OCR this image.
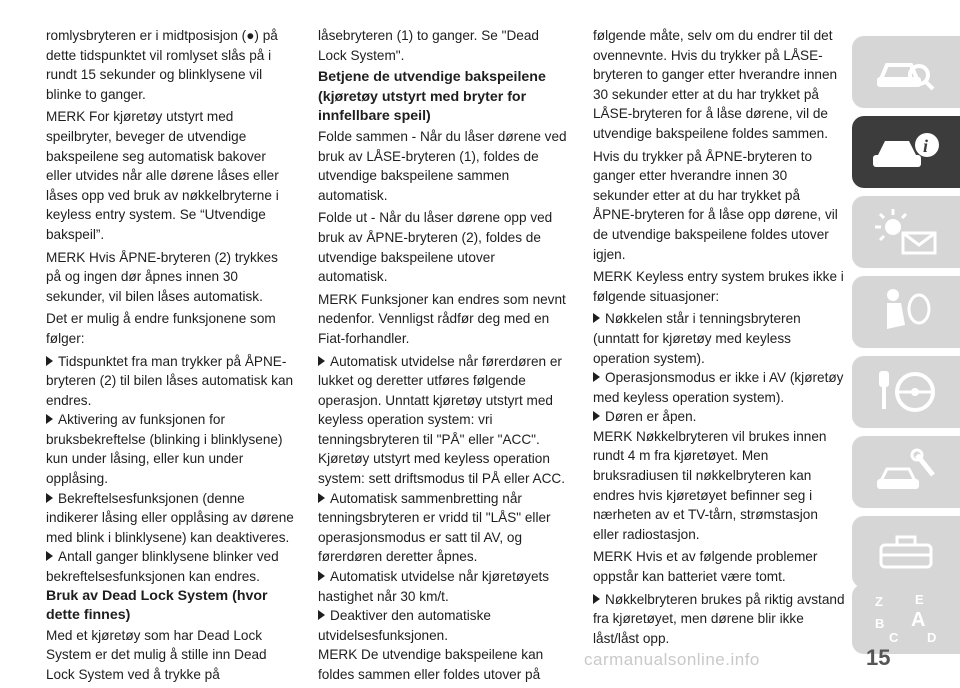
romlysbryteren er i midtposisjon (●) på dette tidspunktet vil romlyset slås på i rundt 15 sekunder og blinklysene vil blinke to ganger.
MERK For kjøretøy utstyrt med speilbryter, beveger de utvendige bakspeilene seg automatisk bakover eller utvides når alle dørene låses eller låses opp ved bruk av nøkkelbryterne i keyless entry system. Se “Utvendige bakspeil”.
MERK Hvis ÅPNE-bryteren (2) trykkes på og ingen dør åpnes innen 30 sekunder, vil bilen låses automatisk.
Det er mulig å endre funksjonene som følger:
Tidspunktet fra man trykker på ÅPNE-bryteren (2) til bilen låses automatisk kan endres.
Aktivering av funksjonen for bruksbekreftelse (blinking i blinklysene) kun under låsing, eller kun under opplåsing.
Bekreftelsesfunksjonen (denne indikerer låsing eller opplåsing av dørene med blink i blinklysene) kan deaktiveres.
Antall ganger blinklysene blinker ved bekreftelsesfunksjonen kan endres.
Bruk av Dead Lock System (hvor dette finnes)
Med et kjøretøy som har Dead Lock System er det mulig å stille inn Dead Lock System ved å trykke på
låsebryteren (1) to ganger. Se "Dead Lock System".
Betjene de utvendige bakspeilene (kjøretøy utstyrt med bryter for innfellbare speil)
Folde sammen - Når du låser dørene ved bruk av LÅSE-bryteren (1), foldes de utvendige bakspeilene sammen automatisk.
Folde ut - Når du låser dørene opp ved bruk av ÅPNE-bryteren (2), foldes de utvendige bakspeilene utover automatisk.
MERK Funksjoner kan endres som nevnt nedenfor. Vennligst rådfør deg med en Fiat-forhandler.
Automatisk utvidelse når førerdøren er lukket og deretter utføres følgende operasjon. Unntatt kjøretøy utstyrt med keyless operation system: vri tenningsbryteren til "PÅ" eller "ACC". Kjøretøy utstyrt med keyless operation system: sett driftsmodus til PÅ eller ACC.
Automatisk sammenbretting når tenningsbryteren er vridd til "LÅS" eller operasjonsmodus er satt til AV, og førerdøren deretter åpnes.
Automatisk utvidelse når kjøretøyets hastighet når 30 km/t.
Deaktiver den automatiske utvidelsesfunksjonen.
MERK De utvendige bakspeilene kan foldes sammen eller foldes utover på
følgende måte, selv om du endrer til det ovennevnte. Hvis du trykker på LÅSE-bryteren to ganger etter hverandre innen 30 sekunder etter at du har trykket på LÅSE-bryteren for å låse dørene, vil de utvendige bakspeilene foldes sammen.
Hvis du trykker på ÅPNE-bryteren to ganger etter hverandre innen 30 sekunder etter at du har trykket på ÅPNE-bryteren for å låse opp dørene, vil de utvendige bakspeilene foldes utover igjen.
MERK Keyless entry system brukes ikke i følgende situasjoner:
Nøkkelen står i tenningsbryteren (unntatt for kjøretøy med keyless operation system).
Operasjonsmodus er ikke i AV (kjøretøy med keyless operation system).
Døren er åpen.
MERK Nøkkelbryteren vil brukes innen rundt 4 m fra kjøretøyet. Men bruksradiusen til nøkkelbryteren kan endres hvis kjøretøyet befinner seg i nærheten av et TV-tårn, strømstasjon eller radiostasjon.
MERK Hvis et av følgende problemer oppstår kan batteriet være tomt.
Nøkkelbryteren brukes på riktig avstand fra kjøretøyet, men dørene blir ikke låst/låst opp.
i
Z E
B A
C D
15
carmanualsonline.info
